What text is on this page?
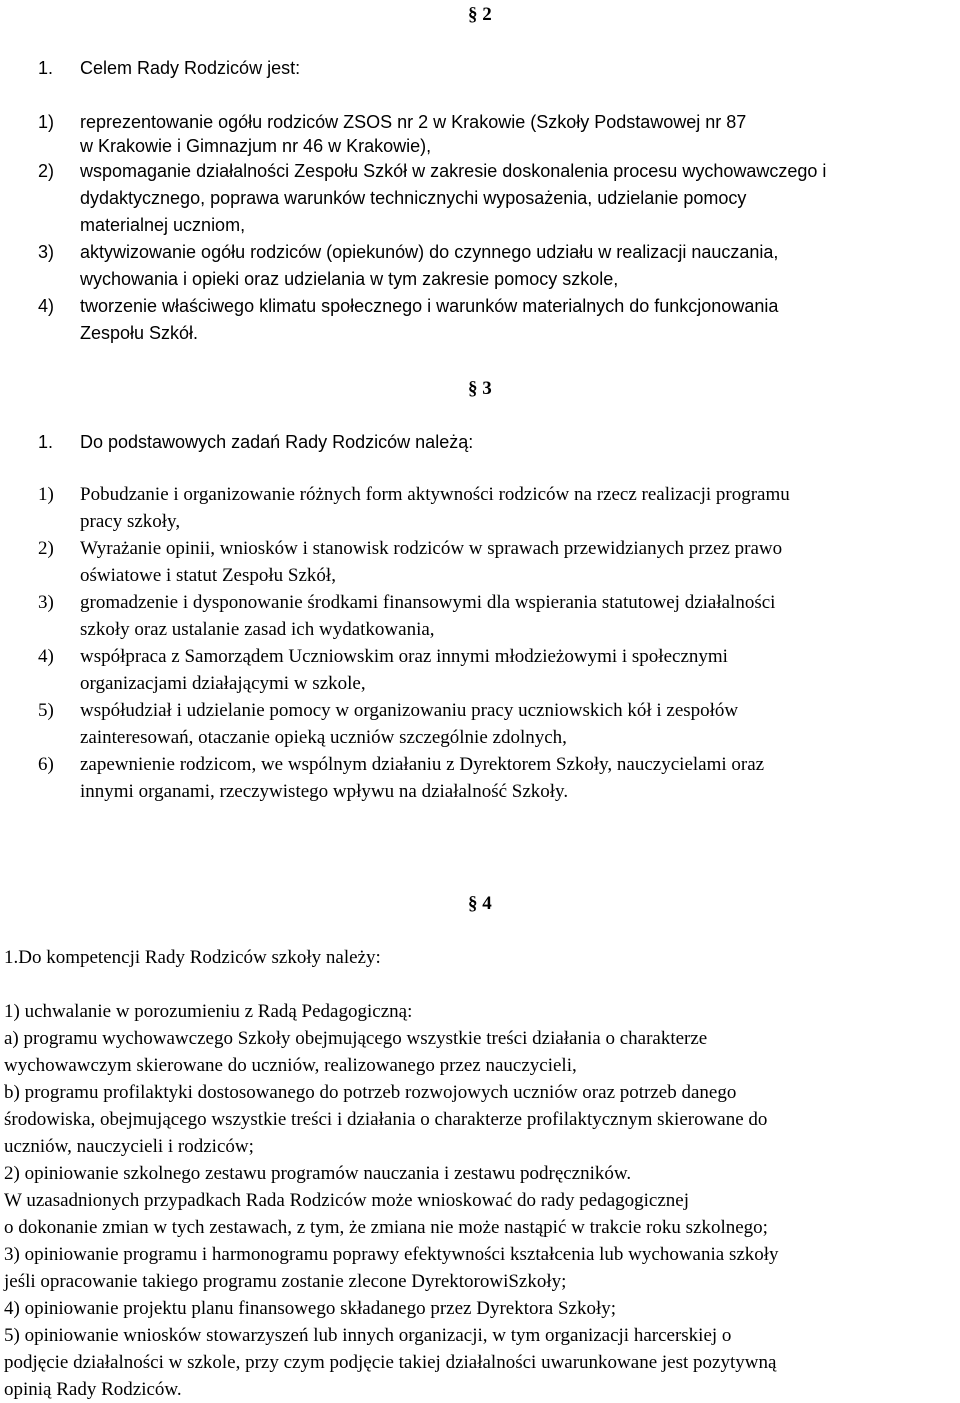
§ 2
1. Celem Rady Rodziców jest:
1) reprezentowanie ogółu rodziców ZSOS nr 2 w Krakowie (Szkoły Podstawowej nr 87
w Krakowie i Gimnazjum nr 46 w Krakowie),
2) wspomaganie działalności Zespołu Szkół w zakresie doskonalenia procesu wychowawczego i
dydaktycznego, poprawa warunków technicznychi wyposażenia, udzielanie pomocy
materialnej uczniom,
3) aktywizowanie ogółu rodziców (opiekunów) do czynnego udziału w realizacji nauczania,
wychowania i opieki oraz udzielania w tym zakresie pomocy szkole,
4) tworzenie właściwego klimatu społecznego i warunków materialnych do funkcjonowania
Zespołu Szkół.
§ 3
1. Do podstawowych zadań Rady Rodziców należą:
1) Pobudzanie i organizowanie różnych form aktywności rodziców na rzecz realizacji programu
pracy szkoły,
2) Wyrażanie opinii, wniosków i stanowisk rodziców w sprawach przewidzianych przez prawo
oświatowe i statut Zespołu Szkół,
3) gromadzenie i dysponowanie środkami finansowymi dla wspierania statutowej działalności
szkoły oraz ustalanie zasad ich wydatkowania,
4) współpraca z Samorządem Uczniowskim oraz innymi młodzieżowymi i społecznymi
organizacjami działającymi w szkole,
5) współudział i udzielanie pomocy w organizowaniu pracy uczniowskich kół i zespołów
zainteresowań, otaczanie opieką uczniów szczególnie zdolnych,
6) zapewnienie rodzicom, we wspólnym działaniu z Dyrektorem Szkoły, nauczycielami oraz
innymi organami, rzeczywistego wpływu na działalność Szkoły.
§ 4
1.Do kompetencji Rady Rodziców szkoły należy:
1) uchwalanie w porozumieniu z Radą Pedagogiczną:
a) programu wychowawczego Szkoły obejmującego wszystkie treści działania o charakterze
wychowawczym skierowane do uczniów, realizowanego przez nauczycieli,
b) programu profilaktyki dostosowanego do potrzeb rozwojowych uczniów oraz potrzeb danego
środowiska, obejmującego wszystkie treści i działania o charakterze profilaktycznym skierowane do
uczniów, nauczycieli i rodziców;
2) opiniowanie szkolnego zestawu programów nauczania i zestawu podręczników.
W uzasadnionych przypadkach Rada Rodziców może wnioskować do rady pedagogicznej
o dokonanie zmian w tych zestawach, z tym, że zmiana nie może nastąpić w trakcie roku szkolnego;
3) opiniowanie programu i harmonogramu poprawy efektywności kształcenia lub wychowania szkoły
jeśli opracowanie takiego programu zostanie zlecone DyrektorowiSzkoły;
4) opiniowanie projektu planu finansowego składanego przez Dyrektora Szkoły;
5) opiniowanie wniosków stowarzyszeń lub innych organizacji, w tym organizacji harcerskiej o
podjęcie działalności w szkole, przy czym podjęcie takiej działalności uwarunkowane jest pozytywną
opinią Rady Rodziców.
